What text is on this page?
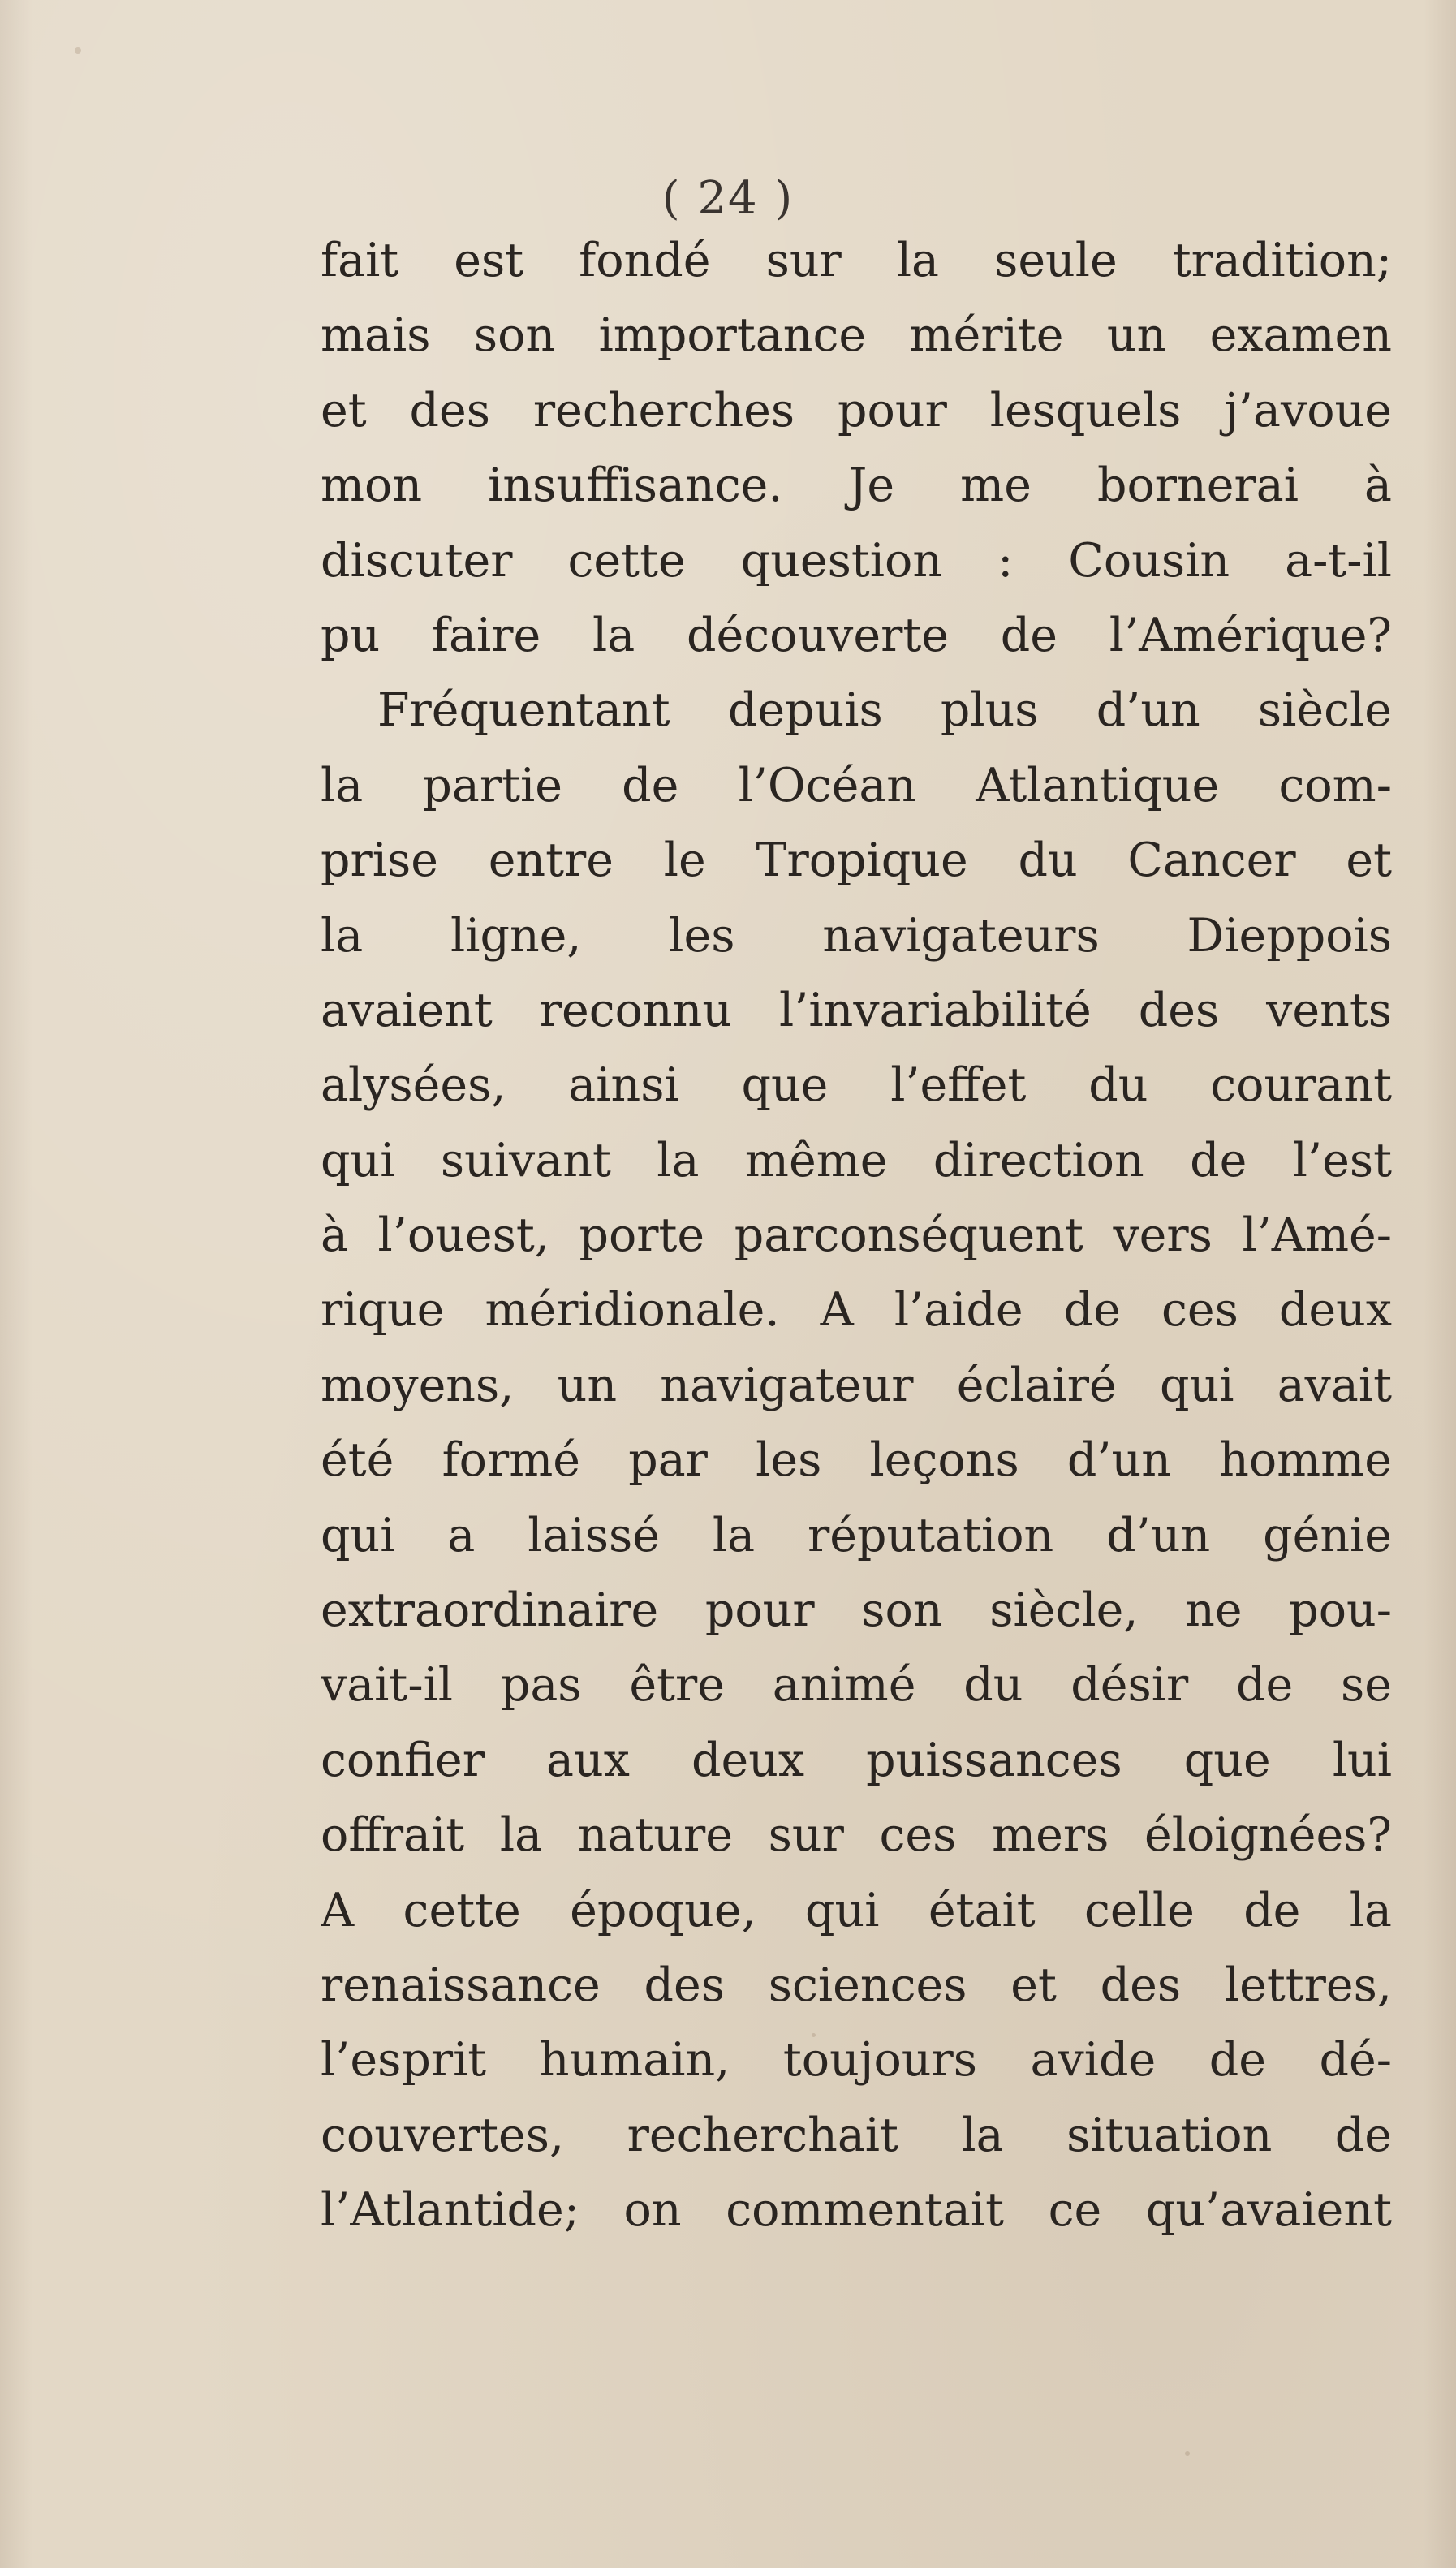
( 24 )
fait est fondé sur la seule tradition;
mais son importance mérite un examen
et des recherches pour lesquels j’avoue
mon insuffisance. Je me bornerai à
discuter cette question : Cousin a-t-il
pu faire la découverte de l’Amérique?
Fréquentant depuis plus d’un siècle
la partie de l’Océan Atlantique com-
prise entre le Tropique du Cancer et
la ligne, les navigateurs Dieppois
avaient reconnu l’invariabilité des vents
alysées, ainsi que l’effet du courant
qui suivant la même direction de l’est
à l’ouest, porte parconséquent vers l’Amé-
rique méridionale. A l’aide de ces deux
moyens, un navigateur éclairé qui avait
été formé par les leçons d’un homme
qui a laissé la réputation d’un génie
extraordinaire pour son siècle, ne pou-
vait-il pas être animé du désir de se
confier aux deux puissances que lui
offrait la nature sur ces mers éloignées?
A cette époque, qui était celle de la
renaissance des sciences et des lettres,
l’esprit humain, toujours avide de dé-
couvertes, recherchait la situation de
l’Atlantide; on commentait ce qu’avaient
